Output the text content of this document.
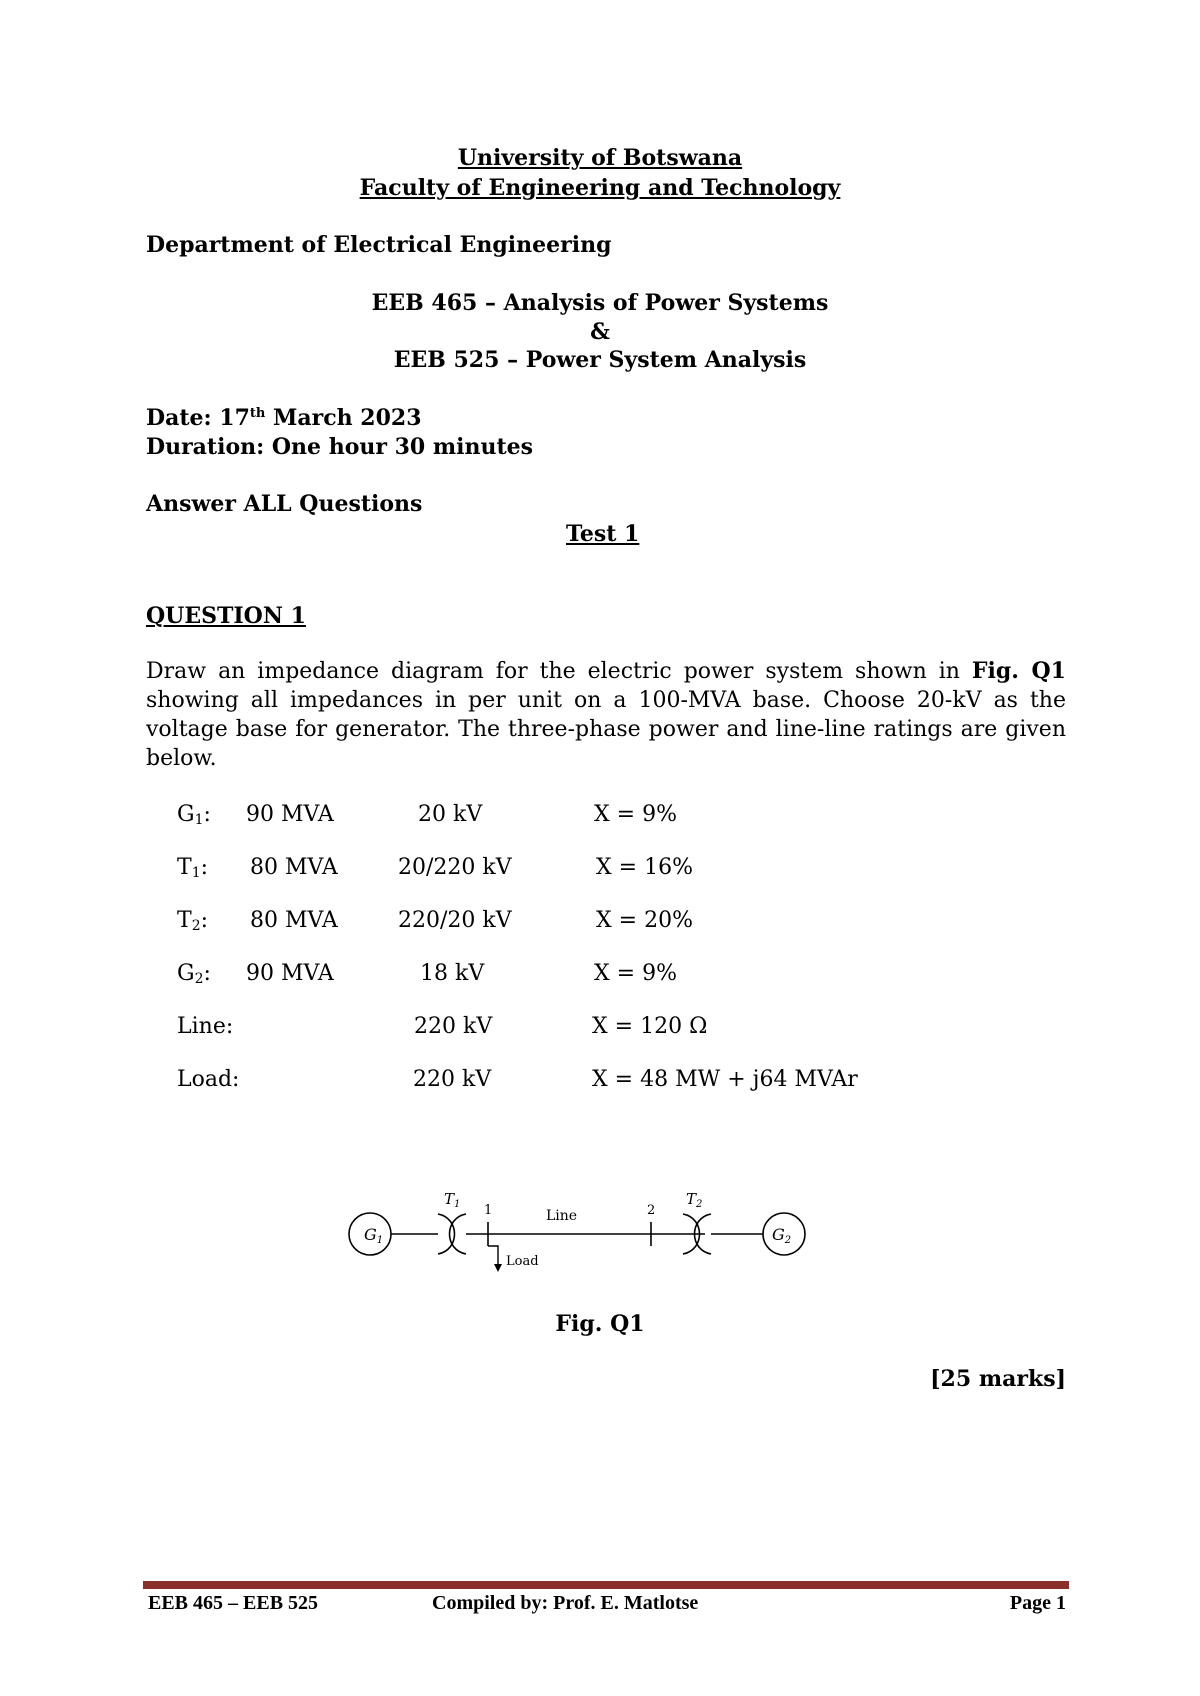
University of Botswana
Faculty of Engineering and Technology
Department of Electrical Engineering
EEB 465 – Analysis of Power Systems
&
EEB 525 – Power System Analysis
Date: 17th March 2023
Duration: One hour 30 minutes
Answer ALL Questions
Test 1
QUESTION 1
Draw an impedance diagram for the electric power system shown in Fig. Q1 showing all impedances in per unit on a 100-MVA base. Choose 20-kV as the voltage base for generator. The three-phase power and line-line ratings are given below.
$G_1$: 90 MVA	20 kV	X = 9%
$T_1$: 80 MVA	20/220 kV	X = 16%
$T_2$: 80 MVA	220/20 kV	X = 20%
$G_2$: 90 MVA	18 kV	X = 9%
Line:	220 kV	X = 120 Ω
Load:	220 kV	X = 48 MW + j64 MVAr
G1
$T_1$ 1
Load
Line	2
$T_2$
G2
Fig. Q1
[25 marks]
EEB 465 – EEB 525	Compiled by: Prof. E. Matlotse	Page 1
